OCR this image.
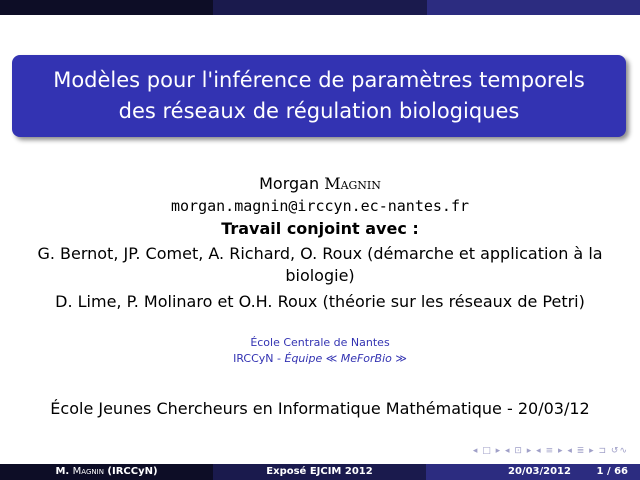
Modèles pour l'inférence de paramètres temporels des réseaux de régulation biologiques
Morgan Magnin
morgan.magnin@irccyn.ec-nantes.fr
Travail conjoint avec :
G. Bernot, JP. Comet, A. Richard, O. Roux (démarche et application à la biologie)
D. Lime, P. Molinaro et O.H. Roux (théorie sur les réseaux de Petri)
École Centrale de Nantes
IRCCyN - Équipe ≪ MeForBio ≫
École Jeunes Chercheurs en Informatique Mathématique - 20/03/12
◂ □ ▸ ◂ ⊡ ▸ ◂ ≡ ▸ ◂ ≣ ▸ ⊐ ↺∿
M. Magnin (IRCCyN)	Exposé EJCIM 2012	20/03/2012	1 / 66
